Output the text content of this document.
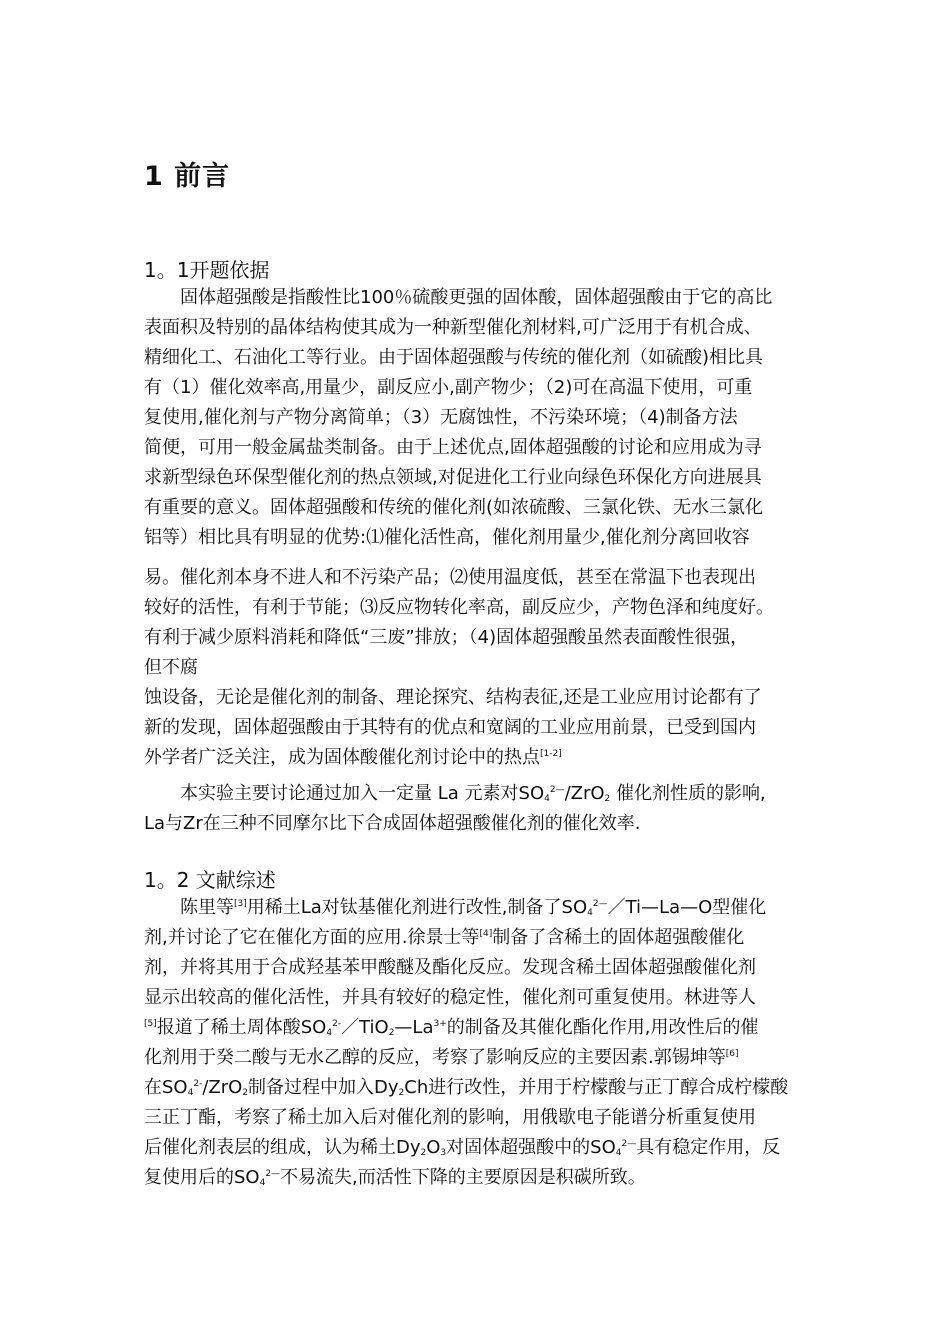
1 前言
1。1开题依据
固体超强酸是指酸性比100％硫酸更强的固体酸，固体超强酸由于它的高比
表面积及特别的晶体结构使其成为一种新型催化剂材料,可广泛用于有机合成、
精细化工、石油化工等行业。由于固体超强酸与传统的催化剂（如硫酸)相比具
有（1）催化效率高,用量少，副反应小,副产物少；（2)可在高温下使用，可重
复使用,催化剂与产物分离简单；（3）无腐蚀性，不污染环境；（4)制备方法
简便，可用一般金属盐类制备。由于上述优点,固体超强酸的讨论和应用成为寻
求新型绿色环保型催化剂的热点领域,对促进化工行业向绿色环保化方向进展具
有重要的意义。固体超强酸和传统的催化剂(如浓硫酸、三氯化铁、无水三氯化
铝等）相比具有明显的优势:⑴催化活性高，催化剂用量少,催化剂分离回收容
易。催化剂本身不进人和不污染产品；⑵使用温度低，甚至在常温下也表现出
较好的活性，有利于节能；⑶反应物转化率高，副反应少，产物色泽和纯度好。
有利于减少原料消耗和降低“三废”排放；（4)固体超强酸虽然表面酸性很强，
但不腐
蚀设备，无论是催化剂的制备、理论探究、结构表征,还是工业应用讨论都有了
新的发现，固体超强酸由于其特有的优点和宽阔的工业应用前景，已受到国内
外学者广泛关注，成为固体酸催化剂讨论中的热点[1-2]
本实验主要讨论通过加入一定量 La 元素对$SO_4^{2—}/ZrO_2$ 催化剂性质的影响,
La与Zr在三种不同摩尔比下合成固体超强酸催化剂的催化效率.
1。2 文献综述
陈里等[3]用稀土La对钛基催化剂进行改性,制备了$SO_4^{2—}/Ti—La—O$型催化
剂,并讨论了它在催化方面的应用.徐景士等[4]制备了含稀土的固体超强酸催化
剂，并将其用于合成羟基苯甲酸醚及酯化反应。发现含稀土固体超强酸催化剂
显示出较高的催化活性，并具有较好的稳定性，催化剂可重复使用。林进等人
[5]报道了稀土周体酸$SO_4^{2-}/TiO_2—La^{3+}$的制备及其催化酯化作用,用改性后的催
化剂用于癸二酸与无水乙醇的反应，考察了影响反应的主要因素.郭锡坤等[6]
在$SO_4^{2-}/ZrO_2$制备过程中加入$Dy_2Ch$进行改性，并用于柠檬酸与正丁醇合成柠檬酸
三正丁酯，考察了稀土加入后对催化剂的影响，用俄歇电子能谱分析重复使用
后催化剂表层的组成，认为稀土$Dy_2O_3$对固体超强酸中的$SO_4^{2—}$具有稳定作用，反
复使用后的$SO_4^{2—}$不易流失,而活性下降的主要原因是积碳所致。
